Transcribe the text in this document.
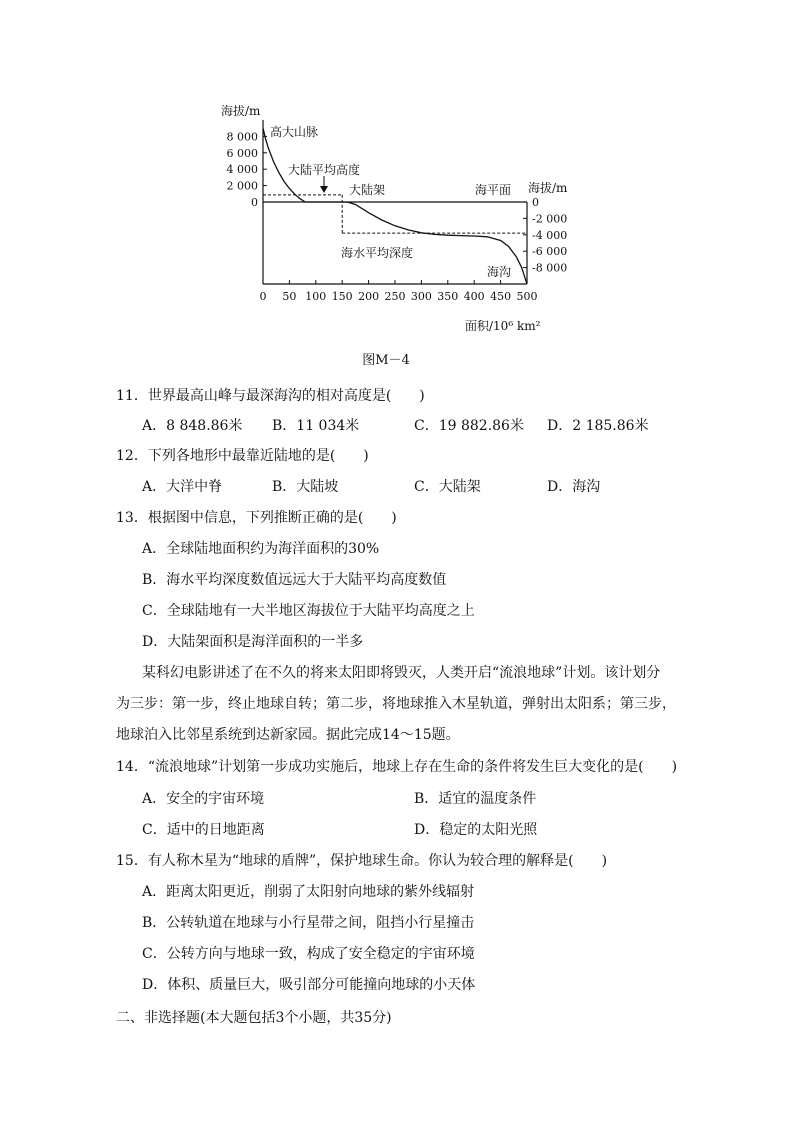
0 50 100 150 200 250 300 350 400 450 500
8 000
6 000
4 000
2 000
0	0
-2 000
-4 000
-6 000
-8 000
海拔/m
海拔/m
面积/10⁶ km²
高大山脉
大陆平均高度
大陆架	海平面
海水平均深度
海沟
图M－4
11．世界最高山峰与最深海沟的相对高度是(　　)
A．8 848.86米 B．11 034米	C．19 882.86米 D．2 185.86米
12．下列各地形中最靠近陆地的是(　　)
A．大洋中脊	B．大陆坡	C．大陆架	D．海沟
13．根据图中信息，下列推断正确的是(　　)
A．全球陆地面积约为海洋面积的30%
B．海水平均深度数值远远大于大陆平均高度数值
C．全球陆地有一大半地区海拔位于大陆平均高度之上
D．大陆架面积是海洋面积的一半多
某科幻电影讲述了在不久的将来太阳即将毁灭，人类开启“流浪地球”计划。该计划分
为三步：第一步，终止地球自转；第二步，将地球推入木星轨道，弹射出太阳系；第三步，
地球泊入比邻星系统到达新家园。据此完成14～15题。
14．“流浪地球”计划第一步成功实施后，地球上存在生命的条件将发生巨大变化的是(　　)
A．安全的宇宙环境	B．适宜的温度条件
C．适中的日地距离	D．稳定的太阳光照
15．有人称木星为“地球的盾牌”，保护地球生命。你认为较合理的解释是(　　)
A．距离太阳更近，削弱了太阳射向地球的紫外线辐射
B．公转轨道在地球与小行星带之间，阻挡小行星撞击
C．公转方向与地球一致，构成了安全稳定的宇宙环境
D．体积、质量巨大，吸引部分可能撞向地球的小天体
二、非选择题(本大题包括3个小题，共35分)
